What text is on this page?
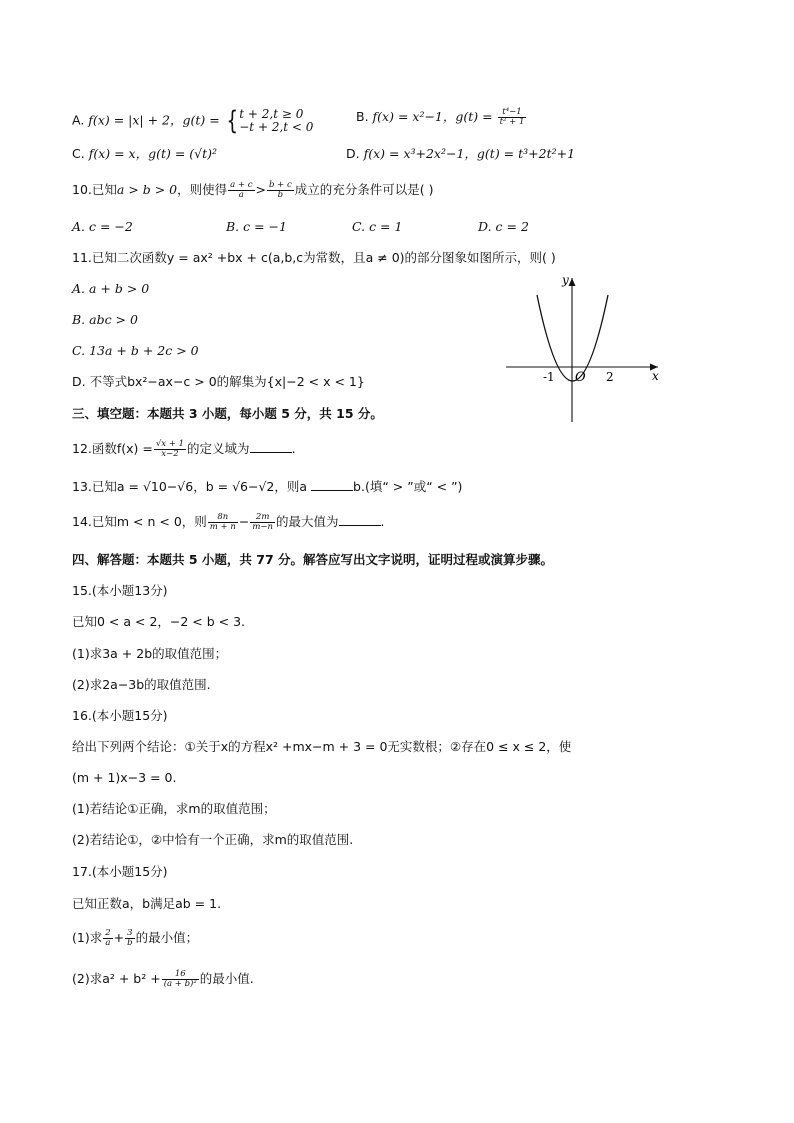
A. f(x) = |x| + 2，g(t) = { t + 2,t ≥ 0
−t + 2,t < 0
B. f(x) = x²−1，$g(t) = \frac{\text{t⁴−1}}{\text{t² + 1}}$
C. f(x) = x，g(t) = (√t)²	D. f(x) = x³+2x²−1，g(t) = t³+2t²+1
10.已知a > b > 0，则使得 $\frac{a + c}{a} > \frac{b + c}{b}$ 成立的充分条件可以是( )
A. c = −2	B. c = −1	C. c = 1	D. c = 2
11.已知二次函数y = ax² +bx + c(a,b,c为常数，且a ≠ 0)的部分图象如图所示，则( )
A. a + b > 0
B. abc > 0
C. 13a + b + 2c > 0
D. 不等式bx²−ax−c > 0的解集为{x|−2 < x < 1}
y
x
O
-1	2
三、填空题：本题共 3 小题，每小题 5 分，共 15 分。
12.函数$f(x) = \frac{√x + 1}{x-2}$ 的定义域为	.
13.已知a = √10−√6，b = √6−√2，则a	b.(填“ > ”或“ < ”)
14.已知m < n < 0，则 $\frac{8n}{m + n} - \frac{2m}{m-n}$ 的最大值为	.
四、解答题：本题共 5 小题，共 77 分。解答应写出文字说明，证明过程或演算步骤。
15.(本小题13分)
已知0 < a < 2，−2 < b < 3.
(1)求3a + 2b的取值范围；
(2)求2a−3b的取值范围.
16.(本小题15分)
给出下列两个结论：①关于x的方程x² +mx−m + 3 = 0无实数根；②存在0 ≤ x ≤ 2，使
(m + 1)x−3 = 0.
(1)若结论①正确，求m的取值范围；
(2)若结论①，②中恰有一个正确，求m的取值范围.
17.(本小题15分)
已知正数a，b满足ab = 1.
(1)求 $\frac{2}{a} + \frac{3}{b}$ 的最小值；
(2)求$a^2 + b^2 + \frac{16}{\text{(a + b)²}}$ 的最小值.
